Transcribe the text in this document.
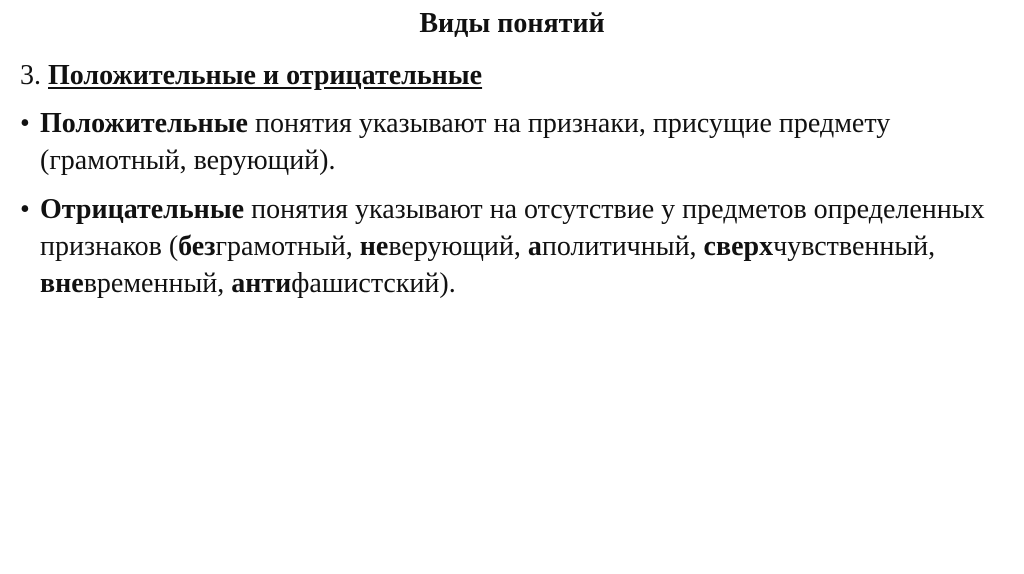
Виды понятий
3. Положительные и отрицательные
• Положительные понятия указывают на признаки, присущие предмету (грамотный, верующий).
• Отрицательные понятия указывают на отсутствие у предметов определенных признаков (безграмотный, неверующий, аполитичный, сверхчувственный, вневременный, антифашистский).
